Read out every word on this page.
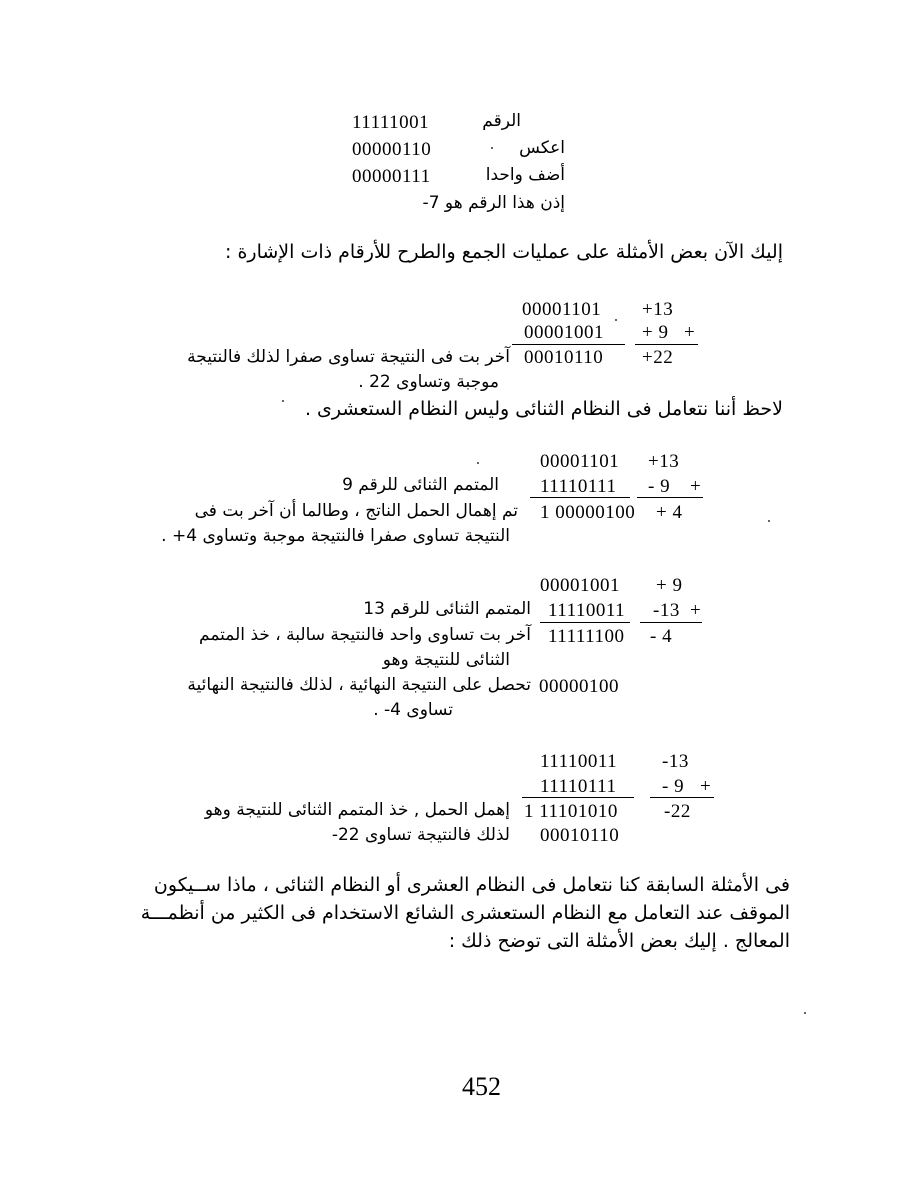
11111001	الرقم
00000110	اعكس
00000111	أضف واحدا
إذن هذا الرقم هو 7-
إليك الآن بعض الأمثلة على عمليات الجمع والطرح للأرقام ذات الإشارة :
00001101 +13
00001001 + 9 +
00010110 +22
آخر بت فى النتيجة تساوى صفرا لذلك فالنتيجة
موجبة وتساوى 22 .
لاحظ أننا نتعامل فى النظام الثنائى وليس النظام الستعشرى .
00001101 +13
المتمم الثنائى للرقم 9 11110111 - 9 +
1 00000100 + 4
تم إهمال الحمل الناتج ، وطالما أن آخر بت فى
النتيجة تساوى صفرا فالنتيجة موجبة وتساوى 4+ .
00001001 + 9
المتمم الثنائى للرقم 13 11110011 -13 +
11111100 - 4
آخر بت تساوى واحد فالنتيجة سالبة ، خذ المتمم
الثنائى للنتيجة وهو
00000100
تحصل على النتيجة النهائية ، لذلك فالنتيجة النهائية
تساوى 4- .
11110011 -13
11110111 - 9 +
1 11101010 -22
إهمل الحمل , خذ المتمم الثنائى للنتيجة وهو
00010110
لذلك فالنتيجة تساوى 22-
فى الأمثلة السابقة كنا نتعامل فى النظام العشرى أو النظام الثنائى ، ماذا ســيكون
الموقف عند التعامل مع النظام الستعشرى الشائع الاستخدام فى الكثير من أنظمـــة
المعالج . إليك بعض الأمثلة التى توضح ذلك :
452
